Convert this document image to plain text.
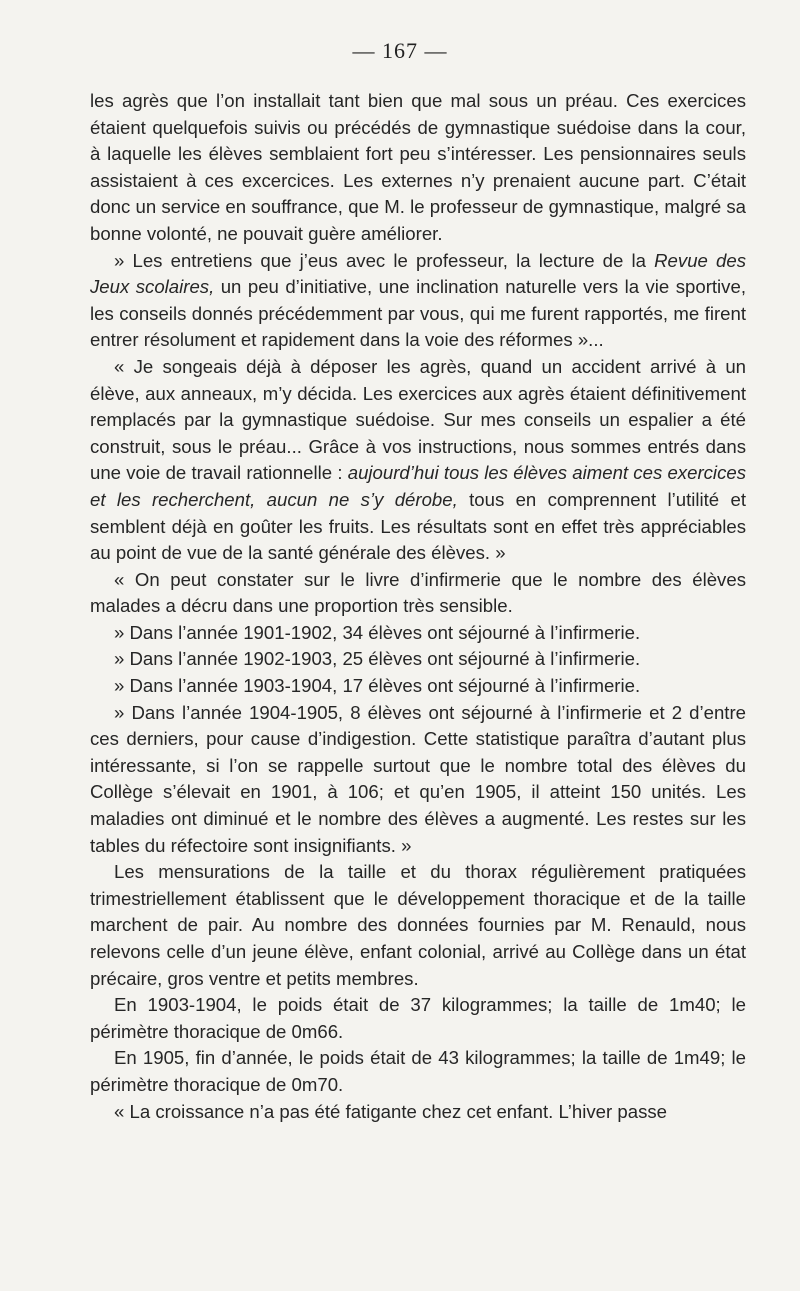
— 167 —

les agrès que l’on installait tant bien que mal sous un préau. Ces exercices étaient quelquefois suivis ou précédés de gymnastique suédoise dans la cour, à laquelle les élèves semblaient fort peu s’intéresser. Les pensionnaires seuls assistaient à ces excercices. Les externes n’y prenaient aucune part. C’était donc un service en souffrance, que M. le professeur de gymnastique, malgré sa bonne volonté, ne pouvait guère améliorer.

» Les entretiens que j’eus avec le professeur, la lecture de la Revue des Jeux scolaires, un peu d’initiative, une inclination naturelle vers la vie sportive, les conseils donnés précédemment par vous, qui me furent rapportés, me firent entrer résolument et rapidement dans la voie des réformes »...

« Je songeais déjà à déposer les agrès, quand un accident arrivé à un élève, aux anneaux, m’y décida. Les exercices aux agrès étaient définitivement remplacés par la gymnastique suédoise. Sur mes conseils un espalier a été construit, sous le préau... Grâce à vos instructions, nous sommes entrés dans une voie de travail rationnelle : aujourd’hui tous les élèves aiment ces exercices et les recherchent, aucun ne s’y dérobe, tous en comprennent l’utilité et semblent déjà en goûter les fruits. Les résultats sont en effet très appréciables au point de vue de la santé générale des élèves. »

« On peut constater sur le livre d’infirmerie que le nombre des élèves malades a décru dans une proportion très sensible.

» Dans l’année 1901-1902, 34 élèves ont séjourné à l’infirmerie.

» Dans l’année 1902-1903, 25 élèves ont séjourné à l’infirmerie.

» Dans l’année 1903-1904, 17 élèves ont séjourné à l’infirmerie.

» Dans l’année 1904-1905, 8 élèves ont séjourné à l’infirmerie et 2 d’entre ces derniers, pour cause d’indigestion. Cette statistique paraîtra d’autant plus intéressante, si l’on se rappelle surtout que le nombre total des élèves du Collège s’élevait en 1901, à 106; et qu’en 1905, il atteint 150 unités. Les maladies ont diminué et le nombre des élèves a augmenté. Les restes sur les tables du réfectoire sont insignifiants. »

Les mensurations de la taille et du thorax régulièrement pratiquées trimestriellement établissent que le développement thoracique et de la taille marchent de pair. Au nombre des données fournies par M. Renauld, nous relevons celle d’un jeune élève, enfant colonial, arrivé au Collège dans un état précaire, gros ventre et petits membres.

En 1903-1904, le poids était de 37 kilogrammes; la taille de 1m40; le périmètre thoracique de 0m66.

En 1905, fin d’année, le poids était de 43 kilogrammes; la taille de 1m49; le périmètre thoracique de 0m70.

« La croissance n’a pas été fatigante chez cet enfant. L’hiver passe
